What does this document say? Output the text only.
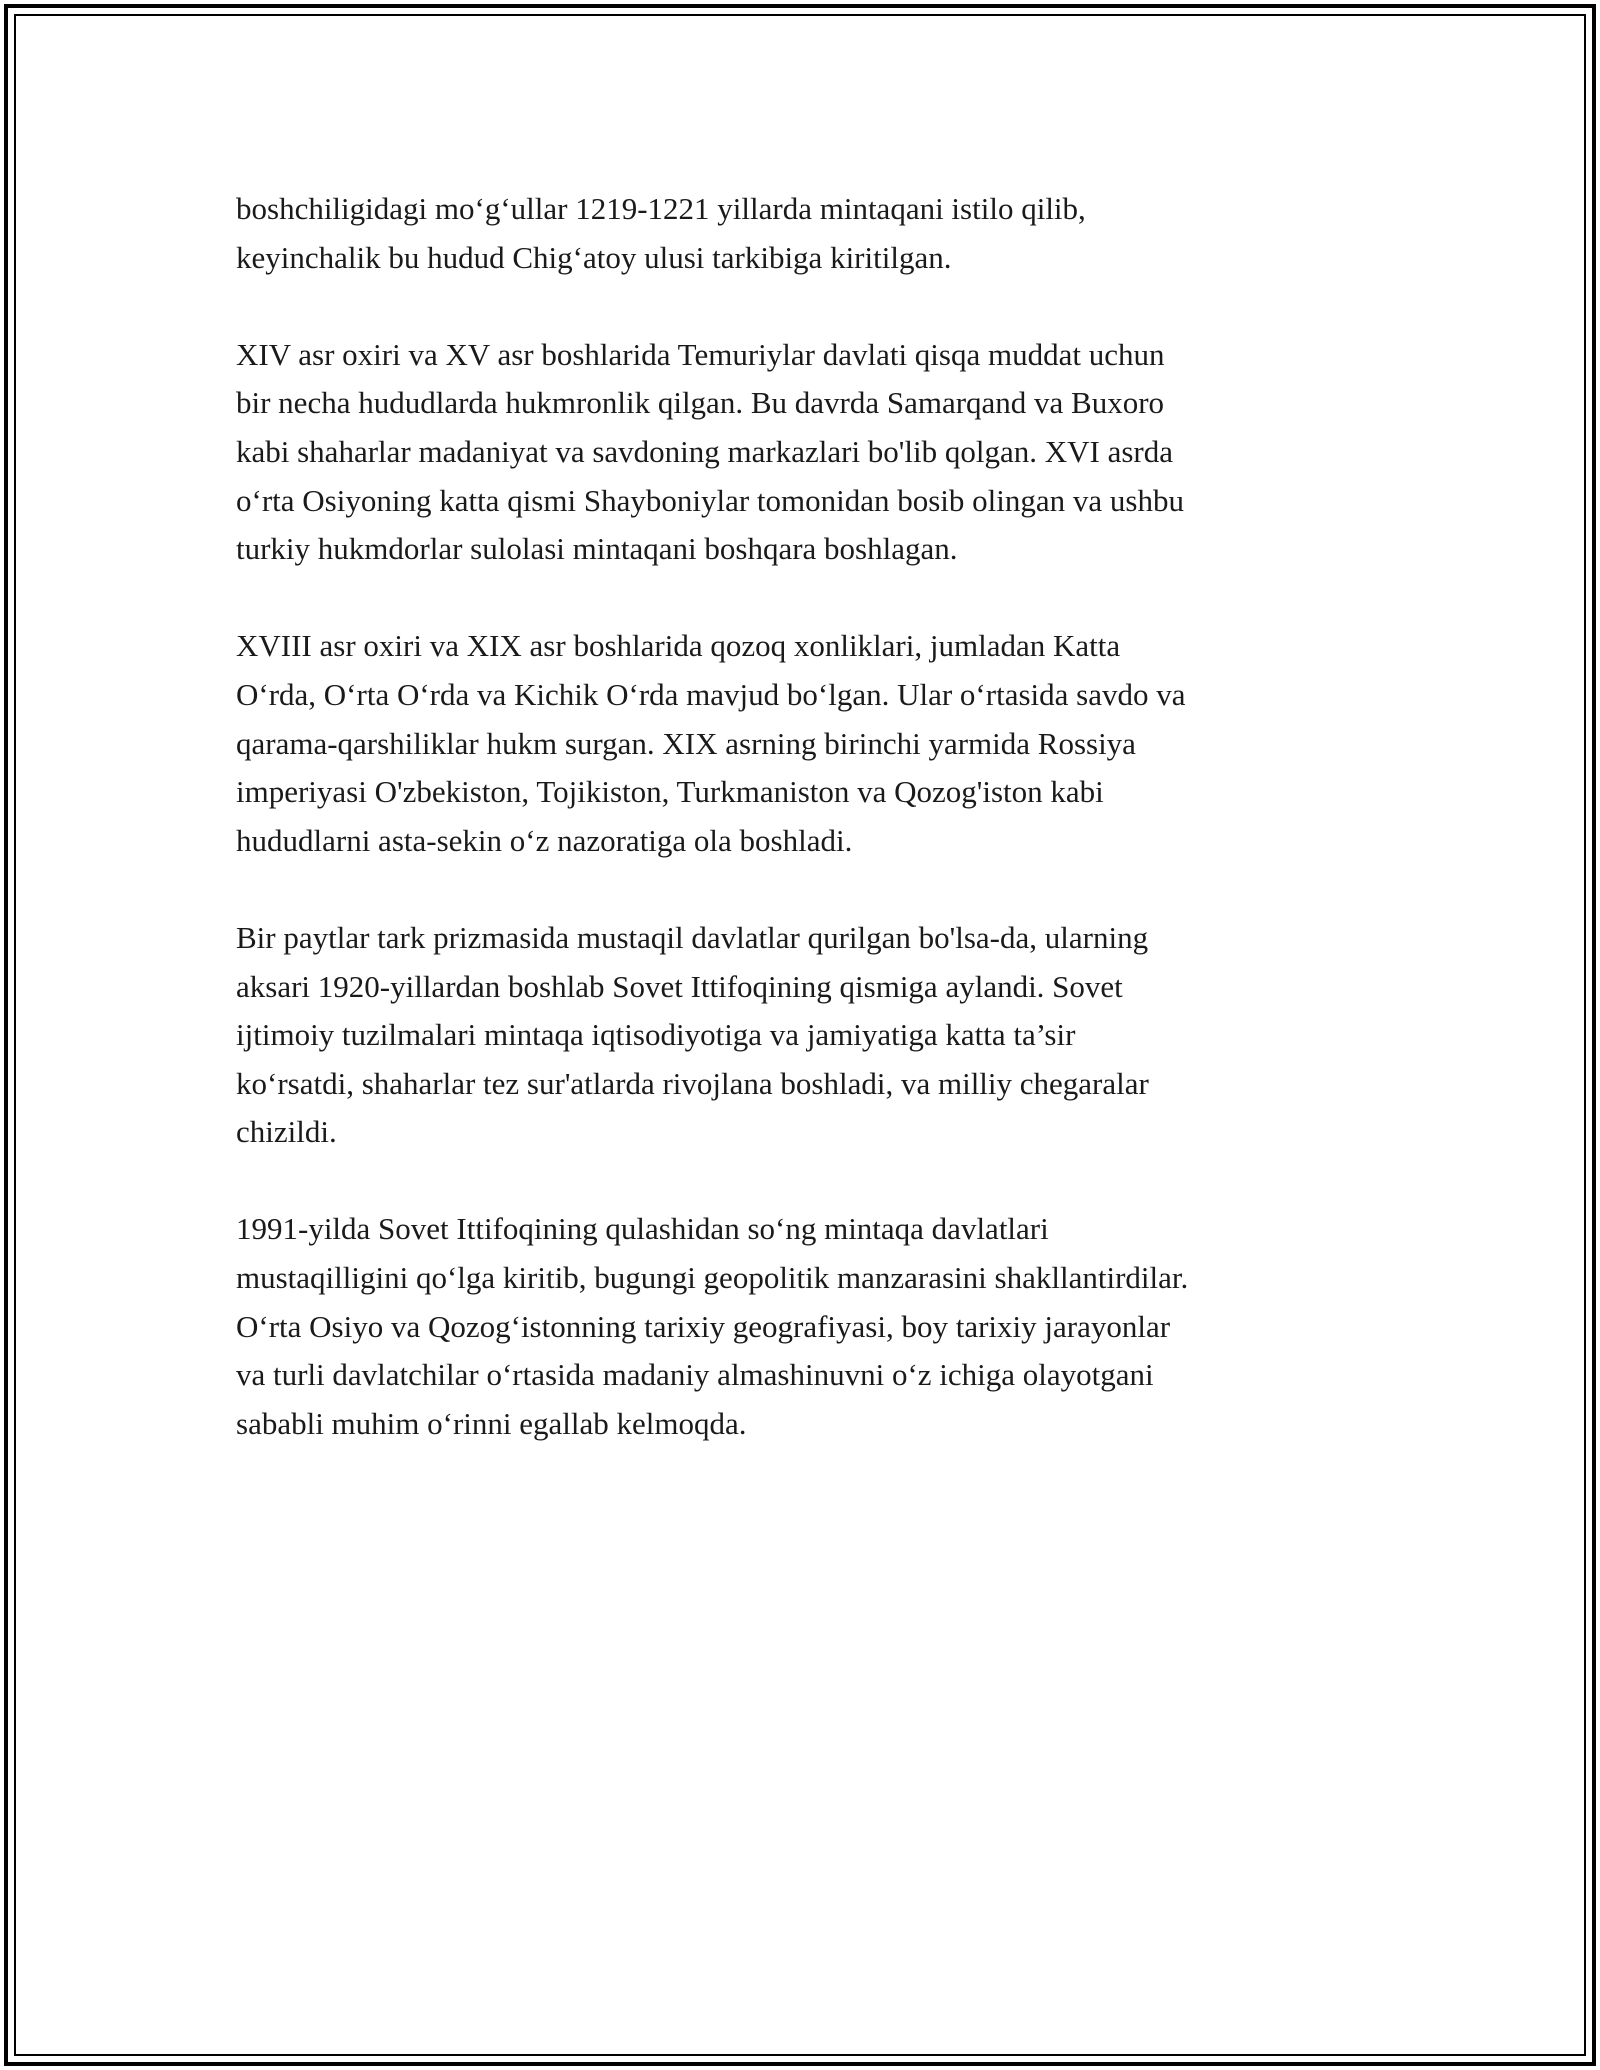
boshchiligidagi mo‘g‘ullar 1219-1221 yillarda mintaqani istilo qilib,
keyinchalik bu hudud Chig‘atoy ulusi tarkibiga kiritilgan.

XIV asr oxiri va XV asr boshlarida Temuriylar davlati qisqa muddat uchun
bir necha hududlarda hukmronlik qilgan. Bu davrda Samarqand va Buxoro
kabi shaharlar madaniyat va savdoning markazlari bo'lib qolgan. XVI asrda
o‘rta Osiyoning katta qismi Shayboniylar tomonidan bosib olingan va ushbu
turkiy hukmdorlar sulolasi mintaqani boshqara boshlagan.

XVIII asr oxiri va XIX asr boshlarida qozoq xonliklari, jumladan Katta
O‘rda, O‘rta O‘rda va Kichik O‘rda mavjud bo‘lgan. Ular o‘rtasida savdo va
qarama-qarshiliklar hukm surgan. XIX asrning birinchi yarmida Rossiya
imperiyasi O'zbekiston, Tojikiston, Turkmaniston va Qozog'iston kabi
hududlarni asta-sekin o‘z nazoratiga ola boshladi.

Bir paytlar tark prizmasida mustaqil davlatlar qurilgan bo'lsa-da, ularning
aksari 1920-yillardan boshlab Sovet Ittifoqining qismiga aylandi. Sovet
ijtimoiy tuzilmalari mintaqa iqtisodiyotiga va jamiyatiga katta ta’sir
ko‘rsatdi, shaharlar tez sur'atlarda rivojlana boshladi, va milliy chegaralar
chizildi.

1991-yilda Sovet Ittifoqining qulashidan so‘ng mintaqa davlatlari
mustaqilligini qo‘lga kiritib, bugungi geopolitik manzarasini shakllantirdilar.
O‘rta Osiyo va Qozog‘istonning tarixiy geografiyasi, boy tarixiy jarayonlar
va turli davlatchilar o‘rtasida madaniy almashinuvni o‘z ichiga olayotgani
sababli muhim o‘rinni egallab kelmoqda.
